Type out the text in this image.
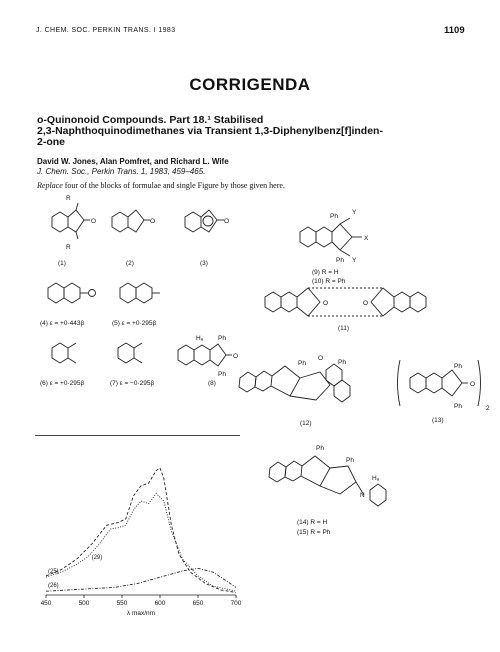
J. CHEM. SOC. PERKIN TRANS. I 1983	1109
CORRIGENDA
o-Quinonoid Compounds. Part 18.¹ Stabilised
2,3-Naphthoquinodimethanes via Transient 1,3-Diphenylbenz[f]inden-
2-one
David W. Jones, Alan Pomfret, and Richard L. Wife
J. Chem. Soc., Perkin Trans. 1, 1983, 459–465.
Replace four of the blocks of formulae and single Figure by those given here.
R
R
O	O	O
Ph
Y
X
Ph Y
Hₐ Ph
O
Ph
O	O
Ph
O
Ph
Ph
O
Ph	2
Ph
Ph
N
Hₐ
(1)	(2)	(3)
(9) R = H
(10) R = Ph
(4) ε = +0·443β	(5) ε = +0·295β
(11)
(6) ε = +0·295β	(7) ε = −0·295β	(8)
(12)	(13)
(14) R = H
(15) R = Ph
450	500	550	600	650	700
λ max/nm
(25)
(29)
(26)
